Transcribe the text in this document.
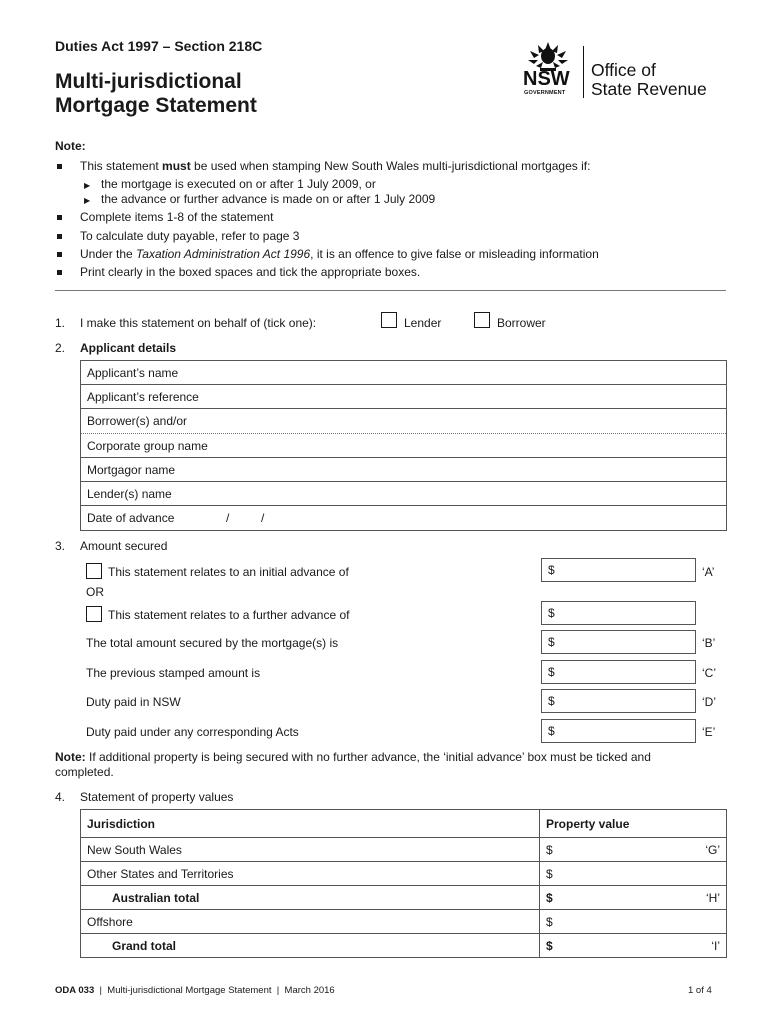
Duties Act 1997 – Section 218C
Multi-jurisdictional
Mortgage Statement
NSW
GOVERNMENT
Office of
State Revenue
Note:
This statement must be used when stamping New South Wales multi-jurisdictional mortgages if:
▶ the mortgage is executed on or after 1 July 2009, or
▶ the advance or further advance is made on or after 1 July 2009
Complete items 1-8 of the statement
To calculate duty payable, refer to page 3
Under the Taxation Administration Act 1996, it is an offence to give false or misleading information
Print clearly in the boxed spaces and tick the appropriate boxes.
1. I make this statement on behalf of (tick one):	Lender	Borrower
2. Applicant details
Applicant’s name
Applicant’s reference
Borrower(s) and/or
Corporate group name
Mortgagor name
Lender(s) name
Date of advance	/	/
3. Amount secured
This statement relates to an initial advance of	$	‘A’
OR
This statement relates to a further advance of	$
The total amount secured by the mortgage(s) is	$	‘B’
The previous stamped amount is	$	‘C’
Duty paid in NSW	$	‘D’
Duty paid under any corresponding Acts	$	‘E’
Note: If additional property is being secured with no further advance, the ‘initial advance’ box must be ticked and
completed.
4. Statement of property values
Jurisdiction	Property value
New South Wales	$ ‘G’

Other States and Territories	$

Australian total	$ ‘H’

Offshore	$

Grand total	$ ‘I’
ODA 033 | Multi-jurisdictional Mortgage Statement | March 2016	1 of 4
